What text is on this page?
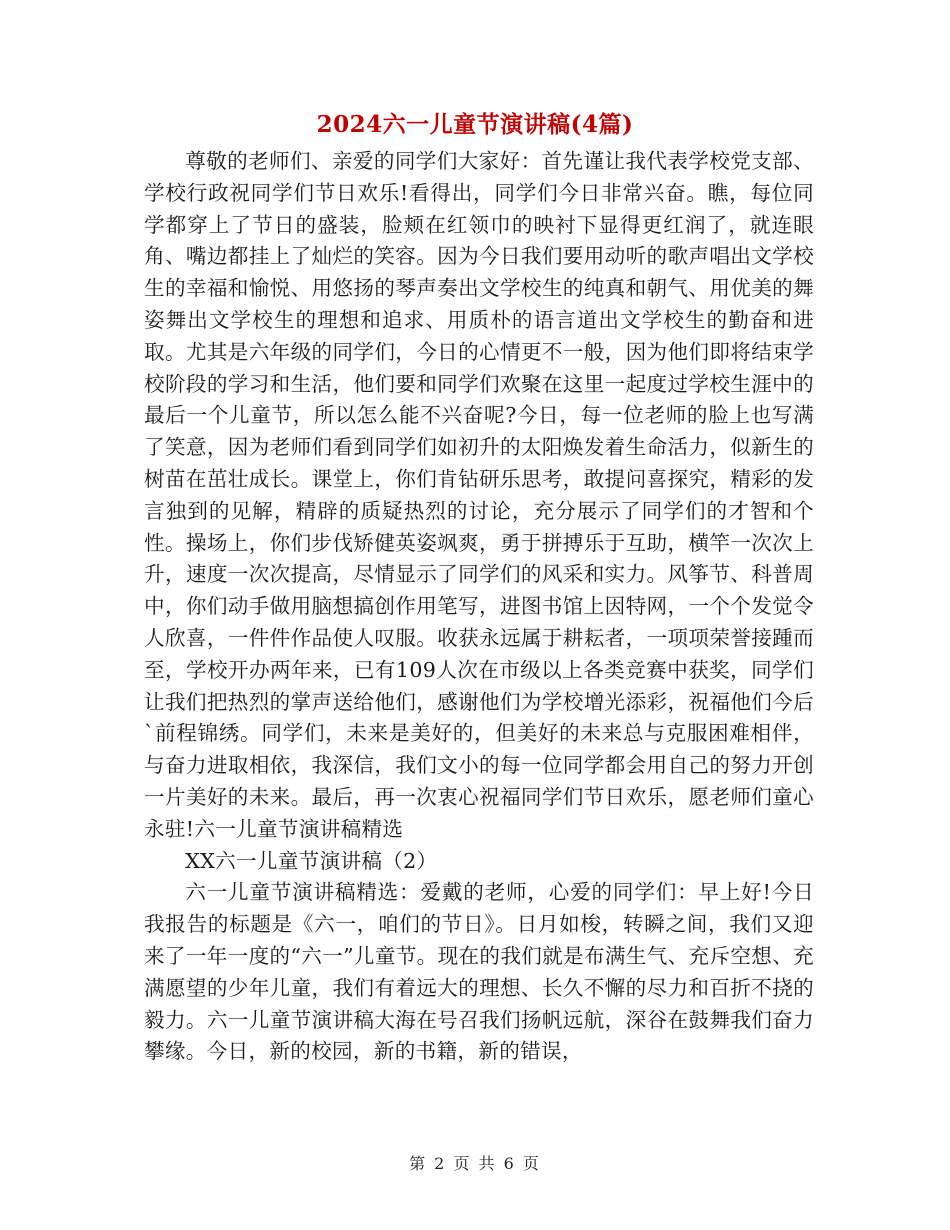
2024六一儿童节演讲稿(4篇)

尊敬的老师们、亲爱的同学们大家好：首先谨让我代表学校党支部、学校行政祝同学们节日欢乐!看得出，同学们今日非常兴奋。瞧，每位同学都穿上了节日的盛装，脸颊在红领巾的映衬下显得更红润了，就连眼角、嘴边都挂上了灿烂的笑容。因为今日我们要用动听的歌声唱出文学校生的幸福和愉悦、用悠扬的琴声奏出文学校生的纯真和朝气、用优美的舞姿舞出文学校生的理想和追求、用质朴的语言道出文学校生的勤奋和进取。尤其是六年级的同学们，今日的心情更不一般，因为他们即将结束学校阶段的学习和生活，他们要和同学们欢聚在这里一起度过学校生涯中的最后一个儿童节，所以怎么能不兴奋呢?今日，每一位老师的脸上也写满了笑意，因为老师们看到同学们如初升的太阳焕发着生命活力，似新生的树苗在茁壮成长。课堂上，你们肯钻研乐思考，敢提问喜探究，精彩的发言独到的见解，精辟的质疑热烈的讨论，充分展示了同学们的才智和个性。操场上，你们步伐矫健英姿飒爽，勇于拼搏乐于互助，横竿一次次上升，速度一次次提高，尽情显示了同学们的风采和实力。风筝节、科普周中，你们动手做用脑想搞创作用笔写，进图书馆上因特网，一个个发觉令人欣喜，一件件作品使人叹服。收获永远属于耕耘者，一项项荣誉接踵而至，学校开办两年来，已有109人次在市级以上各类竞赛中获奖，同学们让我们把热烈的掌声送给他们，感谢他们为学校增光添彩，祝福他们今后`前程锦绣。同学们，未来是美好的，但美好的未来总与克服困难相伴，与奋力进取相依，我深信，我们文小的每一位同学都会用自己的努力开创一片美好的未来。最后，再一次衷心祝福同学们节日欢乐，愿老师们童心永驻!六一儿童节演讲稿精选

XX六一儿童节演讲稿（2）

六一儿童节演讲稿精选：爱戴的老师，心爱的同学们：早上好!今日我报告的标题是《六一，咱们的节日》。日月如梭，转瞬之间，我们又迎来了一年一度的“六一”儿童节。现在的我们就是布满生气、充斥空想、充满愿望的少年儿童，我们有着远大的理想、长久不懈的尽力和百折不挠的毅力。六一儿童节演讲稿大海在号召我们扬帆远航，深谷在鼓舞我们奋力攀缘。今日，新的校园，新的书籍，新的错误，

第 2 页 共 6 页
